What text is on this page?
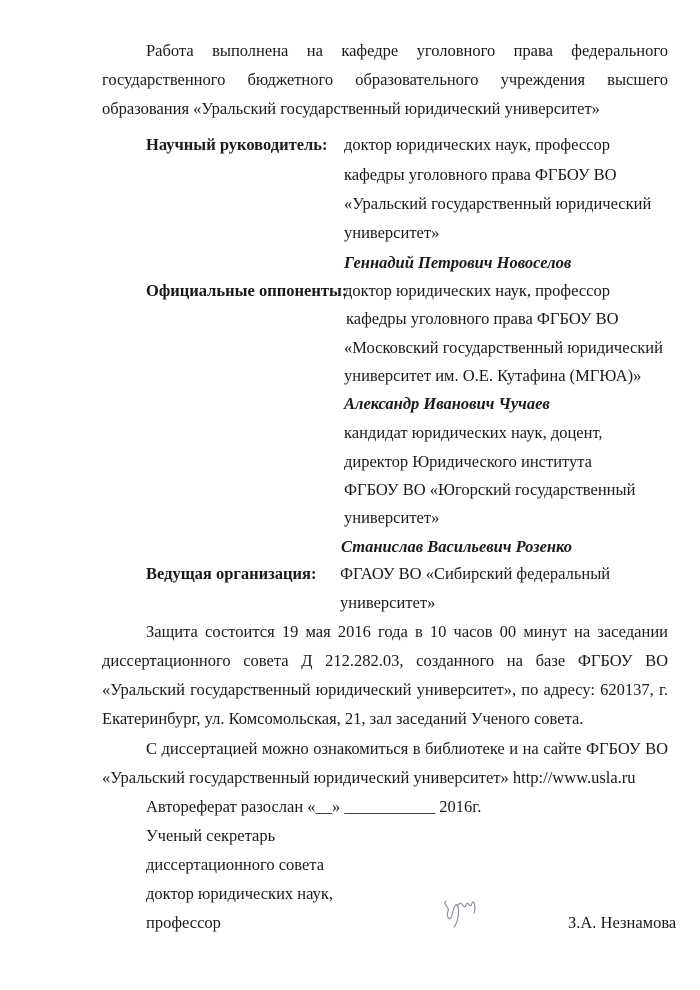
Работа выполнена на кафедре уголовного права федерального
государственного бюджетного образовательного учреждения высшего
образования «Уральский государственный юридический университет»
Научный руководитель: доктор юридических наук, профессор
кафедры уголовного права ФГБОУ ВО
«Уральский государственный юридический
университет»
Геннадий Петрович Новоселов
Официальные оппоненты:
доктор юридических наук, профессор
кафедры уголовного права ФГБОУ ВО
«Московский государственный юридический
университет им. О.Е. Кутафина (МГЮА)»
Александр Иванович Чучаев
кандидат юридических наук, доцент,
директор Юридического института
ФГБОУ ВО «Югорский государственный
университет»
Станислав Васильевич Розенко
Ведущая организация: ФГАОУ ВО «Сибирский федеральный
университет»
Защита состоится 19 мая 2016 года в 10 часов 00 минут на заседании
диссертационного совета Д 212.282.03, созданного на базе ФГБОУ ВО
«Уральский государственный юридический университет», по адресу: 620137, г.
Екатеринбург, ул. Комсомольская, 21, зал заседаний Ученого совета.
С диссертацией можно ознакомиться в библиотеке и на сайте ФГБОУ ВО
«Уральский государственный юридический университет» http://www.usla.ru
Автореферат разослан «__» ___________ 2016г.
Ученый секретарь
диссертационного совета
доктор юридических наук,
профессор	З.А. Незнамова
